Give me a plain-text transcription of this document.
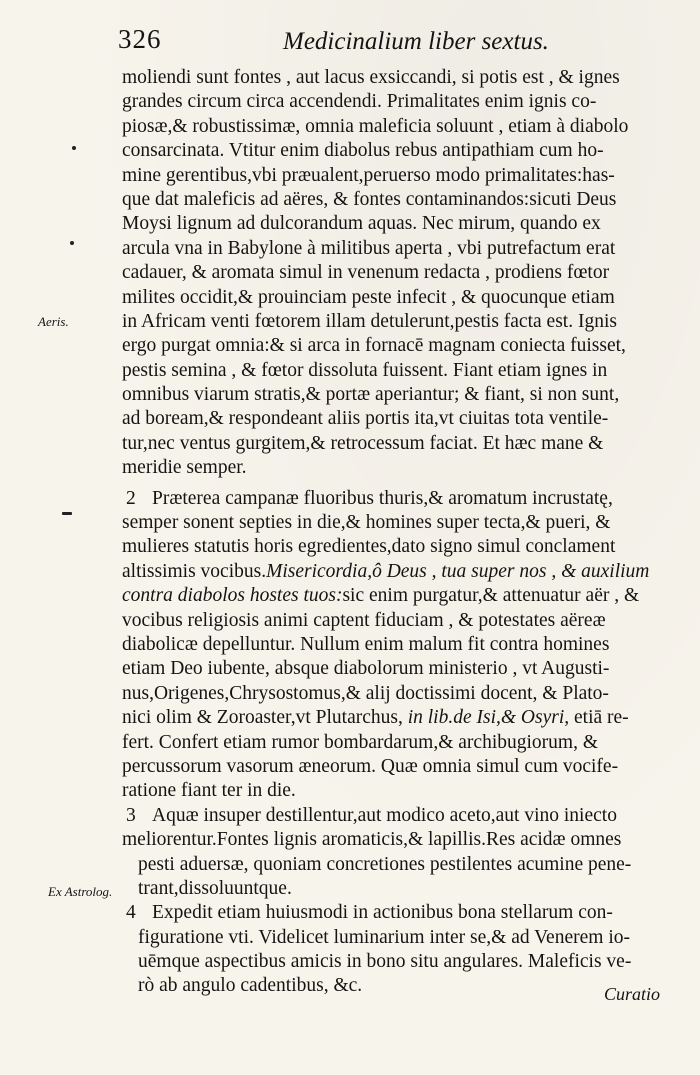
326	Medicinalium liber sextus.
Aeris.
Ex Astrolog.
moliendi sunt fontes , aut lacus exsiccandi, si potis est , & ignes
grandes circum circa accendendi. Primalitates enim ignis co-
piosæ,& robustissimæ, omnia maleficia soluunt , etiam à diabolo
consarcinata. Vtitur enim diabolus rebus antipathiam cum ho-
mine gerentibus,vbi præualent,peruerso modo primalitates:has-
que dat maleficis ad aëres, & fontes contaminandos:sicuti Deus
Moysi lignum ad dulcorandum aquas. Nec mirum, quando ex
arcula vna in Babylone à militibus aperta , vbi putrefactum erat
cadauer, & aromata simul in venenum redacta , prodiens fœtor
milites occidit,& prouinciam peste infecit , & quocunque etiam
in Africam venti fœtorem illam detulerunt,pestis facta est. Ignis
ergo purgat omnia:& si arca in fornacē magnam coniecta fuisset,
pestis semina , & fœtor dissoluta fuissent. Fiant etiam ignes in
omnibus viarum stratis,& portæ aperiantur; & fiant, si non sunt,
ad boream,& respondeant aliis portis ita,vt ciuitas tota ventile-
tur,nec ventus gurgitem,& retrocessum faciat. Et hæc mane &
meridie semper.
2 Præterea campanæ fluoribus thuris,& aromatum incrustatę,
semper sonent septies in die,& homines super tecta,& pueri, &
mulieres statutis horis egredientes,dato signo simul conclament
altissimis vocibus.Misericordia,ô Deus , tua super nos , & auxilium
contra diabolos hostes tuos:sic enim purgatur,& attenuatur aër , &
vocibus religiosis animi captent fiduciam , & potestates aëreæ
diabolicæ depelluntur. Nullum enim malum fit contra homines
etiam Deo iubente, absque diabolorum ministerio , vt Augusti-
nus,Origenes,Chrysostomus,& alij doctissimi docent, & Plato-
nici olim & Zoroaster,vt Plutarchus, in lib.de Isi,& Osyri, etiā re-
fert. Confert etiam rumor bombardarum,& archibugiorum, &
percussorum vasorum æneorum. Quæ omnia simul cum vocife-
ratione fiant ter in die.
3 Aquæ insuper destillentur,aut modico aceto,aut vino iniecto
meliorentur.Fontes lignis aromaticis,& lapillis.Res acidæ omnes
pesti aduersæ, quoniam concretiones pestilentes acumine pene-
trant,dissoluuntque.
4 Expedit etiam huiusmodi in actionibus bona stellarum con-
figuratione vti. Videlicet luminarium inter se,& ad Venerem io-
uēmque aspectibus amicis in bono situ angulares. Maleficis ve-
rò ab angulo cadentibus, &c.	Curatio
